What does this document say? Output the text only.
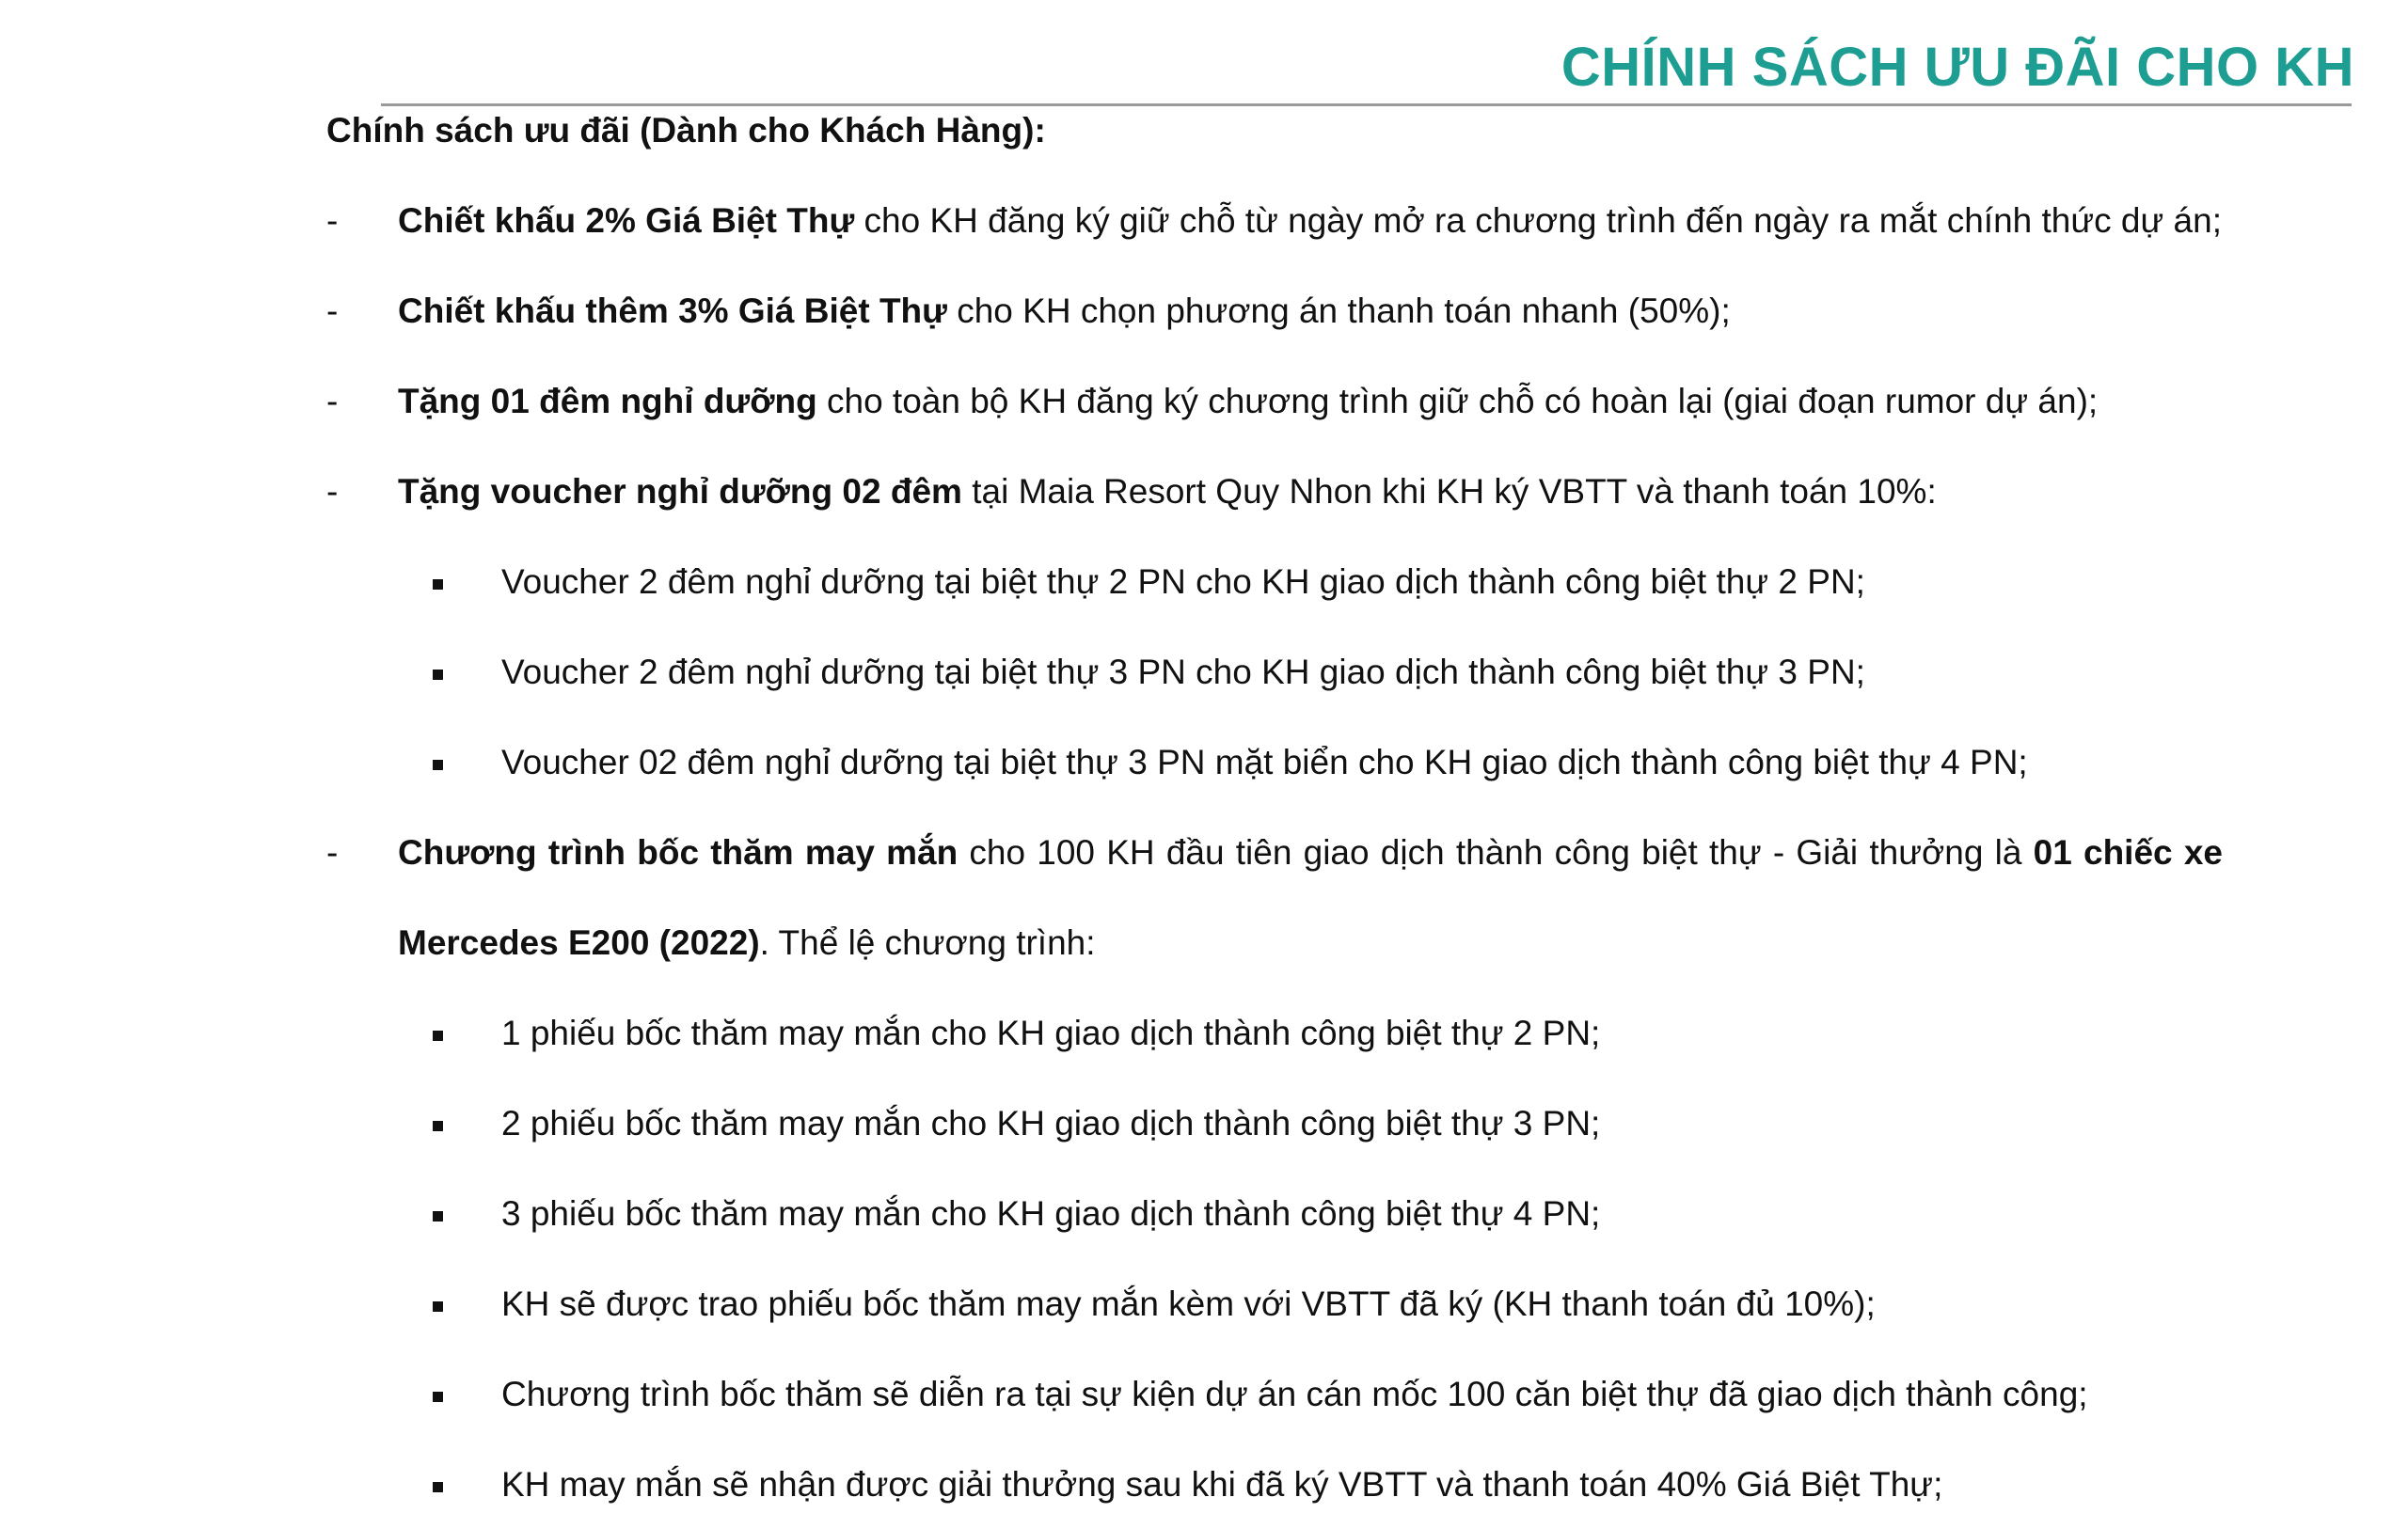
CHÍNH SÁCH ƯU ĐÃI CHO KH
Chính sách ưu đãi (Dành cho Khách Hàng):
-	Chiết khấu 2% Giá Biệt Thự cho KH đăng ký giữ chỗ từ ngày mở ra chương trình đến ngày ra mắt chính thức dự án;
-	Chiết khấu thêm 3% Giá Biệt Thự cho KH chọn phương án thanh toán nhanh (50%);
-	Tặng 01 đêm nghỉ dưỡng cho toàn bộ KH đăng ký chương trình giữ chỗ có hoàn lại (giai đoạn rumor dự án);
-	Tặng voucher nghỉ dưỡng 02 đêm tại Maia Resort Quy Nhon khi KH ký VBTT và thanh toán 10%:
Voucher 2 đêm nghỉ dưỡng tại biệt thự 2 PN cho KH giao dịch thành công biệt thự 2 PN;
Voucher 2 đêm nghỉ dưỡng tại biệt thự 3 PN cho KH giao dịch thành công biệt thự 3 PN;
Voucher 02 đêm nghỉ dưỡng tại biệt thự 3 PN mặt biển cho KH giao dịch thành công biệt thự 4 PN;
-	Chương trình bốc thăm may mắn cho 100 KH đầu tiên giao dịch thành công biệt thự - Giải thưởng là 01 chiếc xe
Mercedes E200 (2022). Thể lệ chương trình:
1 phiếu bốc thăm may mắn cho KH giao dịch thành công biệt thự 2 PN;
2 phiếu bốc thăm may mắn cho KH giao dịch thành công biệt thự 3 PN;
3 phiếu bốc thăm may mắn cho KH giao dịch thành công biệt thự 4 PN;
KH sẽ được trao phiếu bốc thăm may mắn kèm với VBTT đã ký (KH thanh toán đủ 10%);
Chương trình bốc thăm sẽ diễn ra tại sự kiện dự án cán mốc 100 căn biệt thự đã giao dịch thành công;
KH may mắn sẽ nhận được giải thưởng sau khi đã ký VBTT và thanh toán 40% Giá Biệt Thự;
